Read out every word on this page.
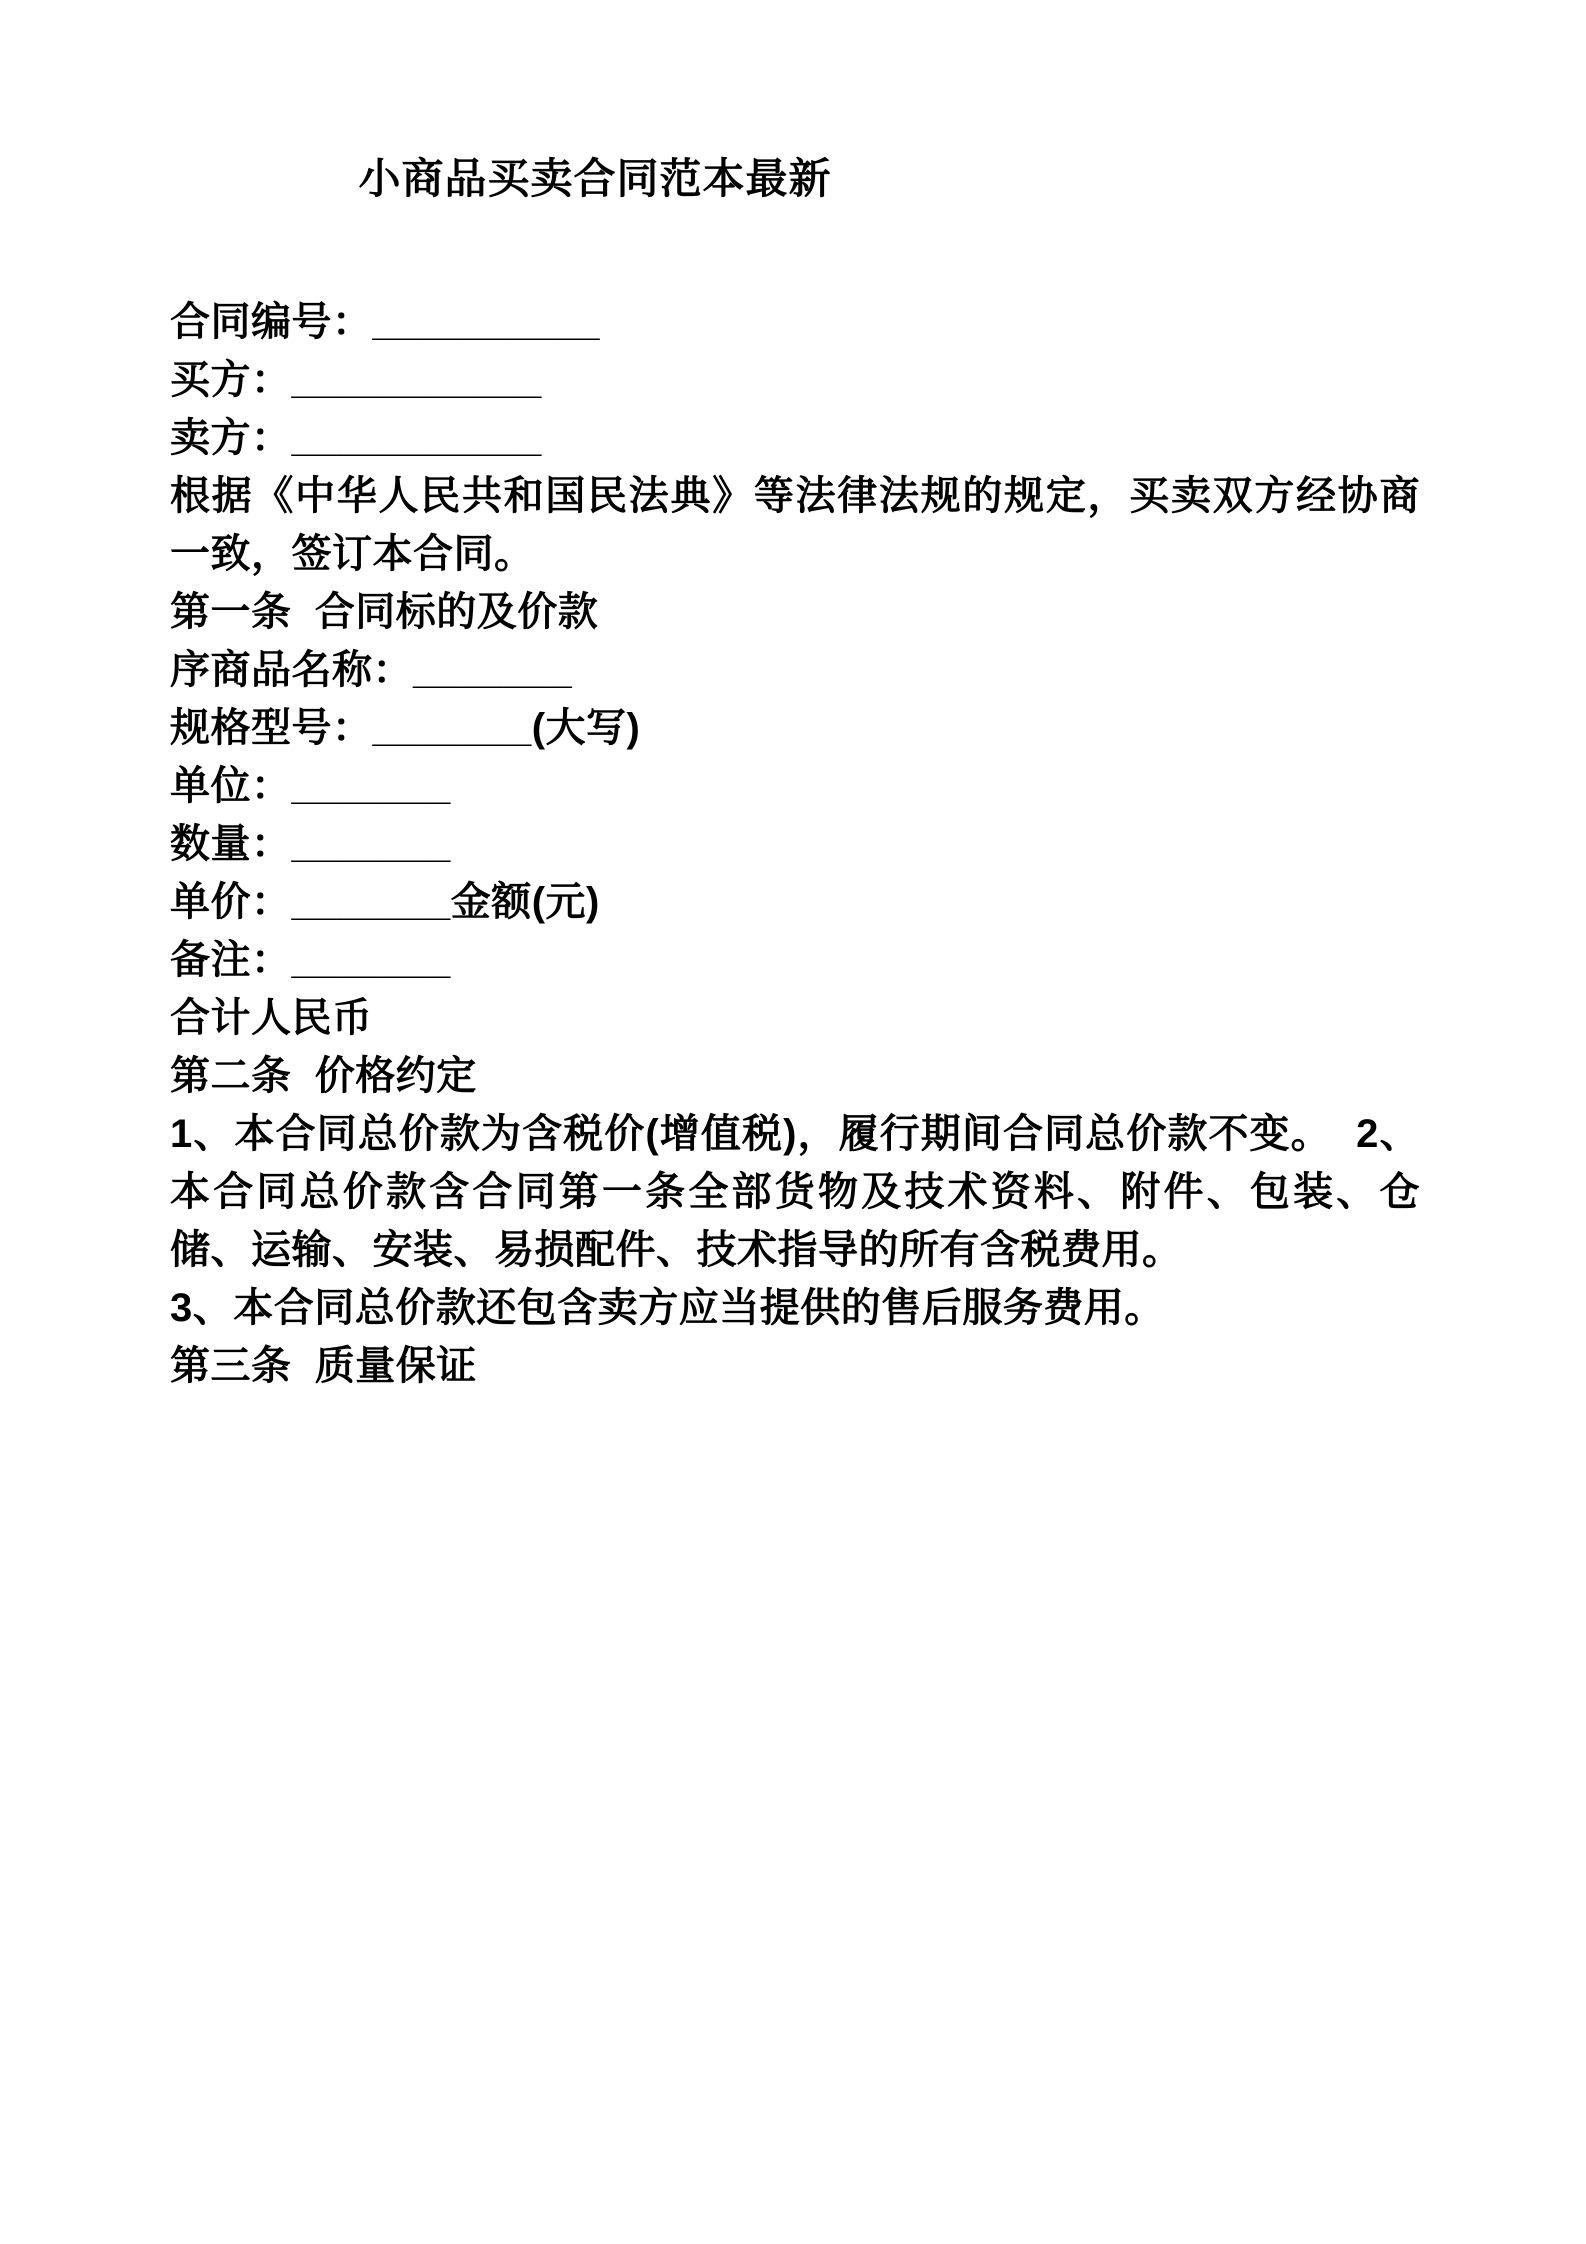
小商品买卖合同范本最新

合同编号：__________

买方：___________

卖方：___________

根据《中华人民共和国民法典》等法律法规的规定，买卖双方经协商一致，签订本合同。

第一条  合同标的及价款

序商品名称：_______

规格型号：_______(大写)

单位：_______

数量：_______

单价：_______金额(元)

备注：_______

合计人民币

第二条  价格约定

1、本合同总价款为含税价(增值税)，履行期间合同总价款不变。  2、本合同总价款含合同第一条全部货物及技术资料、附件、包装、仓储、运输、安装、易损配件、技术指导的所有含税费用。

3、本合同总价款还包含卖方应当提供的售后服务费用。

第三条  质量保证
